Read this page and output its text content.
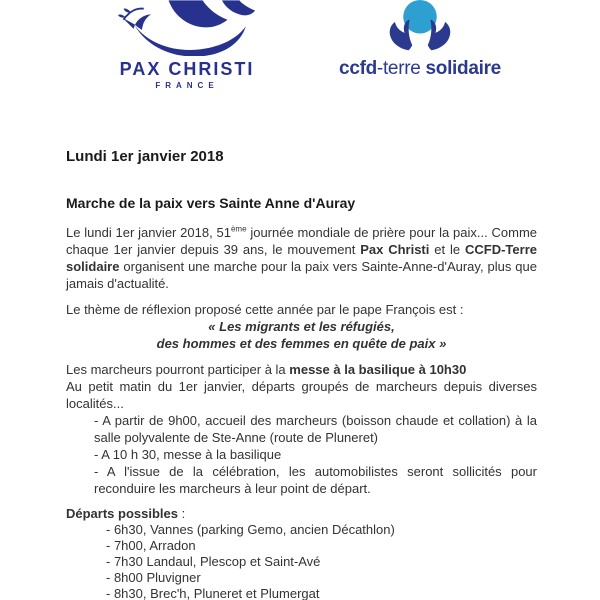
PAX CHRISTI
FRANCE
ccfd-terre solidaire
Lundi 1er janvier 2018
Marche de la paix vers Sainte Anne d'Auray
Le lundi 1er janvier 2018, 51ème journée mondiale de prière pour la paix... Comme chaque 1er janvier depuis 39 ans, le mouvement Pax Christi et le CCFD-Terre solidaire organisent une marche pour la paix vers Sainte-Anne-d'Auray, plus que jamais d'actualité.
Le thème de réflexion proposé cette année par le pape François est :
« Les migrants et les réfugiés,
des hommes et des femmes en quête de paix »
Les marcheurs pourront participer à la messe à la basilique à 10h30
Au petit matin du 1er janvier, départs groupés de marcheurs depuis diverses localités...
- A partir de 9h00, accueil des marcheurs (boisson chaude et collation) à la salle polyvalente de Ste-Anne (route de Pluneret)
- A 10 h 30, messe à la basilique
- A l'issue de la célébration, les automobilistes seront sollicités pour reconduire les marcheurs à leur point de départ.
Départs possibles :
- 6h30, Vannes (parking Gemo, ancien Décathlon)
- 7h00, Arradon
- 7h30 Landaul, Plescop et Saint-Avé
- 8h00 Pluvigner
- 8h30, Brec'h, Pluneret et Plumergat
